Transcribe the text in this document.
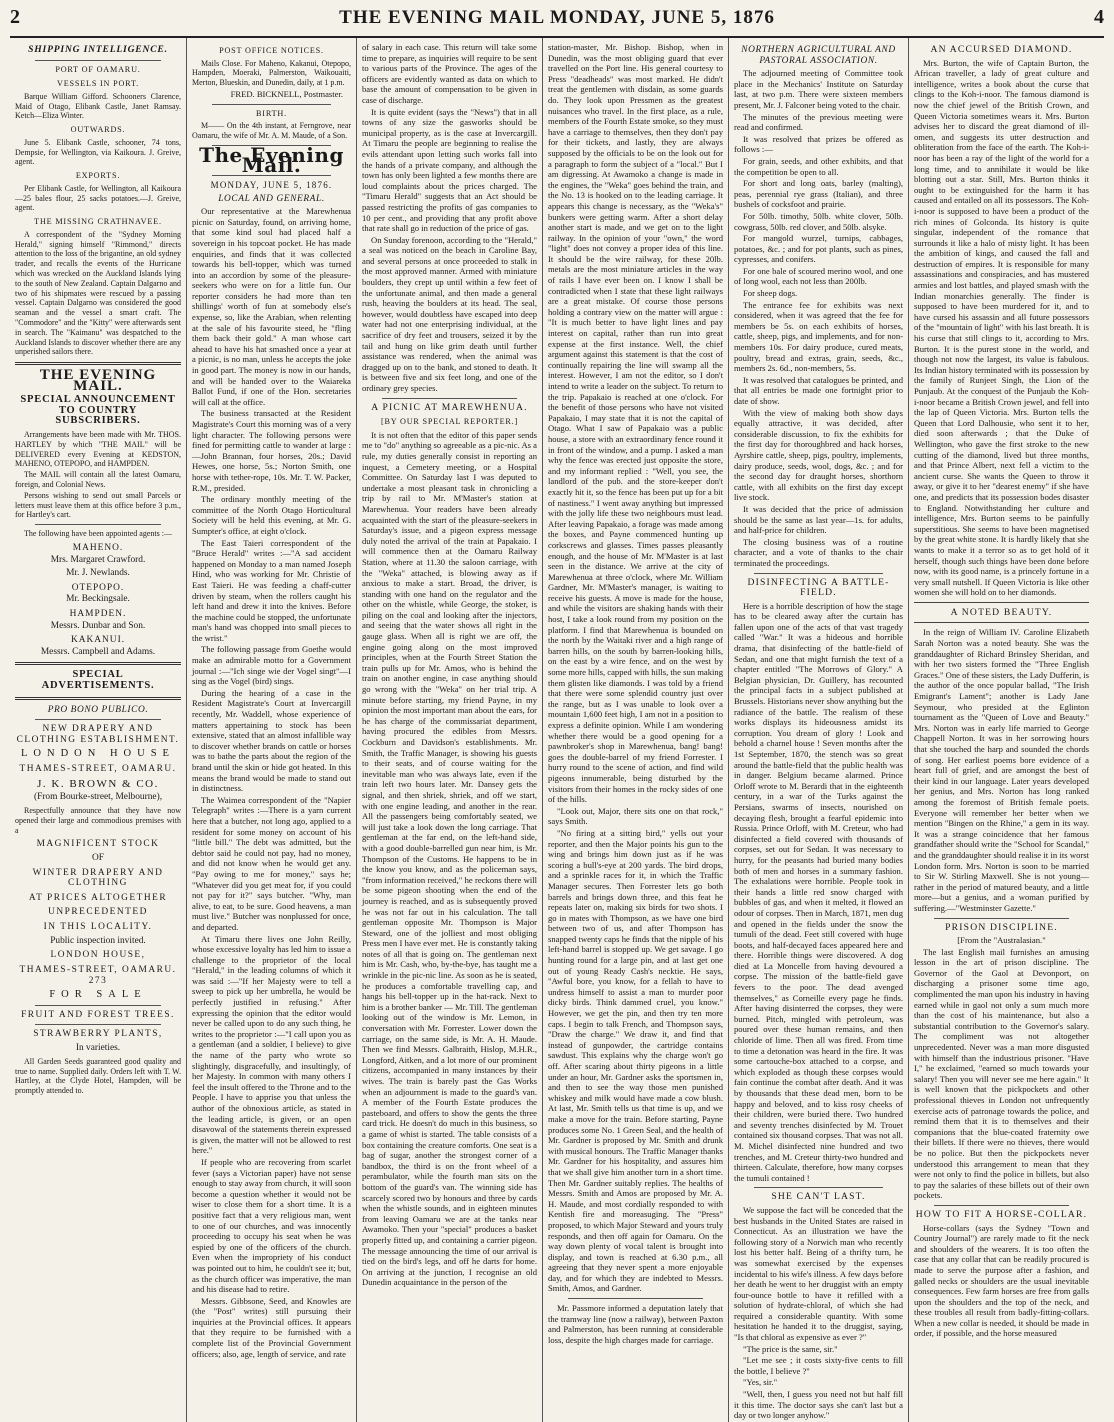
2	THE EVENING MAIL MONDAY, JUNE 5, 1876	4
SHIPPING INTELLIGENCE.
PORT OF OAMARU.
VESSELS IN PORT.

Barque William Gifford. Schooners Clarence, Maid of Otago, Elibank Castle, Janet Ramsay. Ketch—Eliza Winter.

OUTWARDS.

June 5. Elibank Castle, schooner, 74 tons, Dempsie, for Wellington, via Kaikoura. J. Greive, agent.

EXPORTS.

Per Elibank Castle, for Wellington, all Kaikoura—25 bales flour, 25 sacks potatoes.—J. Greive, agent.

THE MISSING CRATHNAVEE.

A correspondent of the "Sydney Morning Herald," signing himself "Rimmond," directs attention to the loss of the brigantine, an old sydney trader, and recalls the events of the Hurricane which was wrecked on the Auckland Islands lying to the south of New Zealand. Captain Dalgarno and two of his shipmates were rescued by a passing vessel. Captain Dalgarno was considered the good seaman and the vessel a smart craft. The "Commodore" and the "Kitty" were afterwards sent in search. The "Kaimanu" was despatched to the Auckland Islands to discover whether there are any unperished sailors there.

THE EVENING MAIL.
SPECIAL ANNOUNCEMENT TO COUNTRY SUBSCRIBERS.

Arrangements have been made with Mr. THOS. HARTLEY by which "THE MAIL" will be DELIVERED every Evening at KEDSTON, MAHENO, OTEPOPO, and HAMPDEN.

The MAIL will contain all the latest Oamaru, foreign, and Colonial News.

Persons wishing to send out small Parcels or letters must leave them at this office before 3 p.m., for Hartley's cart.

The following have been appointed agents :—

MAHENO.
Mrs. Margaret Crawford.
Mr. J. Newlands.
OTEPOPO.
Mr. Beckingsale.
HAMPDEN.
Messrs. Dunbar and Son.
KAKANUI.
Messrs. Campbell and Adams.
SPECIAL ADVERTISEMENTS.
PRO BONO PUBLICO.
NEW DRAPERY AND CLOTHING ESTABLISHMENT.
LONDON HOUSE
THAMES-STREET, OAMARU.
J. K. BROWN & CO.
(From Bourke-street, Melbourne),

Respectfully announce that they have now opened their large and commodious premises with a

MAGNIFICENT STOCK
OF
WINTER DRAPERY AND CLOTHING
AT PRICES ALTOGETHER
UNPRECEDENTED
IN THIS LOCALITY.
Public inspection invited.
LONDON HOUSE,
THAMES-STREET, OAMARU. 273
FOR SALE
FRUIT AND FOREST TREES.
STRAWBERRY PLANTS,
In varieties.

All Garden Seeds guaranteed good quality and true to name. Supplied daily. Orders left with T. W. Hartley, at the Clyde Hotel, Hampden, will be promptly attended to.

POST OFFICE NOTICES.

Mails Close. For Maheno, Kakanui, Otepopo, Hampden, Moeraki, Palmerston, Waikouaiti, Merton, Blueskin, and Dunedin, daily, at 1 p.m.

FRED. BICKNELL, Postmaster.
BIRTH.

M—— On the 4th instant, at Ferngrove, near Oamaru, the wife of Mr. A. M. Maude, of a Son.

The Evening Mail.
MONDAY, JUNE 5, 1876.
LOCAL AND GENERAL.

Our representative at the Marewhenua picnic on Saturday, found, on arriving home, that some kind soul had placed half a sovereign in his topcoat pocket. He has made enquiries, and finds that it was collected towards his bell-topper, which was turned into an accordion by some of the pleasure-seekers who were on for a little fun. Our reporter considers he had more than ten shillings' worth of fun at somebody else's expense, so, like the Arabian, when relenting at the sale of his favourite steed, he "fling them back their gold." A man whose cart ahead to have his hat smashed once a year at a picnic, is no man, unless he accepts the joke in good part. The money is now in our hands, and will be handed over to the Waiareka Ballot Fund, if one of the Hon. secretaries will call at the office.

The business transacted at the Resident Magistrate's Court this morning was of a very light character. The following persons were fined for permitting cattle to wander at large :—John Brannan, four horses, 20s.; David Hewes, one horse, 5s.; Norton Smith, one horse with tether-rope, 10s. Mr. T. W. Packer, R.M., presided.

The ordinary monthly meeting of the committee of the North Otago Horticultural Society will be held this evening, at Mr. G. Sumpter's office, at eight o'clock.

The East Taieri correspondent of the "Bruce Herald" writes :—"A sad accident happened on Monday to a man named Joseph Hind, who was working for Mr. Christie of East Taieri. He was feeding a chaff-cutter driven by steam, when the rollers caught his left hand and drew it into the knives. Before the machine could be stopped, the unfortunate man's hand was chopped into small pieces to the wrist."

The following passage from Goethe would make an admirable motto for a Government journal :—"Ich singe wie der Vogel singt"—I sing as the Vogel (bird) sings.

During the hearing of a case in the Resident Magistrate's Court at Invercargill recently, Mr. Waddell, whose experience of matters appertaining to stock has been extensive, stated that an almost infallible way to discover whether brands on cattle or horses was to bathe the parts about the region of the brand until the skin or hide got heated. In this means the brand would be made to stand out in distinctness.

The Waimea correspondent of the "Napier Telegraph" writes :—There is a yarn current here that a butcher, not long ago, applied to a resident for some money on account of his "little bill." The debt was admitted, but the debtor said he could not pay, had no money, and did not know when he would get any. "Pay owing to me for money," says he; "Whatever did you get meat for, if you could not pay for it?" says butcher. "Why, man alive, to eat, to be sure. Good heavens, a man must live." Butcher was nonplussed for once, and departed.

At Timaru there lives one John Reilly, whose excessive loyalty has led him to issue a challenge to the proprietor of the local "Herald," in the leading columns of which it was said :—"If her Majesty were to tell a sweep to pick up her umbrella, he would be perfectly justified in refusing." After expressing the opinion that the editor would never be called upon to do any such thing, he writes to the proprietor :—"I call upon you as a gentleman (and a soldier, I believe) to give the name of the party who wrote so slightingly, disgracefully, and insultingly, of her Majesty. In common with many others I feel the insult offered to the Throne and to the People. I have to apprise you that unless the author of the obnoxious article, as stated in the leading article, is given, or an open disavowal of the statements therein expressed is given, the matter will not be allowed to rest here."

If people who are recovering from scarlet fever (says a Victorian paper) have not sense enough to stay away from church, it will soon become a question whether it would not be wiser to close them for a short time. It is a positive fact that a very religious man, went to one of our churches, and was innocently proceeding to occupy his seat when he was espied by one of the officers of the church. Even when the impropriety of his conduct was pointed out to him, he couldn't see it; but, as the church officer was imperative, the man and his disease had to retire.

Messrs. Gibbsone, Seed, and Knowles are (the "Post" writes) still pursuing their inquiries at the Provincial offices. It appears that they require to be furnished with a complete list of the Provincial Government officers; also, age, length of service, and rate

of salary in each case. This return will take some time to prepare, as inquiries will require to be sent to various parts of the Province. The ages of the officers are evidently wanted as data on which to base the amount of compensation to be given in case of discharge.

It is quite evident (says the "News") that in all towns of any size the gasworks should be municipal property, as is the case at Invercargill. At Timaru the people are beginning to realise the evils attendant upon letting such works fall into the hands of a private company, and although the town has only been lighted a few months there are loud complaints about the prices charged. The "Timaru Herald" suggests that an Act should be passed restricting the profits of gas companies to 10 per cent., and providing that any profit above that rate shall go in reduction of the price of gas.

On Sunday forenoon, according to the "Herald," a seal was noticed on the beach in Caroline Bay, and several persons at once proceeded to stalk in the most approved manner. Armed with miniature boulders, they crept up until within a few feet of the unfortunate animal, and then made a general rush, heaving the boulders at its head. The seal, however, would doubtless have escaped into deep water had not one enterprising individual, at the sacrifice of dry feet and trousers, seized it by the tail and hung on like grim death until further assistance was rendered, when the animal was dragged up on to the bank, and stoned to death. It is between five and six feet long, and one of the ordinary grey species.

A PICNIC AT MAREWHENUA.
[BY OUR SPECIAL REPORTER.]

It is not often that the editor of this paper sends me to "do" anything so agreeable as a pic-nic. As a rule, my duties generally consist in reporting an inquest, a Cemetery meeting, or a Hospital Committee. On Saturday last I was deputed to undertake a most pleasant task in chronicling a trip by rail to Mr. M'Master's station at Marewhenua. Your readers have been already acquainted with the start of the pleasure-seekers in Saturday's issue, and a pigeon express message duly noted the arrival of the train at Papakaio. I will commence then at the Oamaru Railway Station, where at 11.30 the saloon carriage, with the "Weka" attached, is blowing away as if anxious to make a start. Broad, the driver, is standing with one hand on the regulator and the other on the whistle, while George, the stoker, is piling on the coal and looking after the injectors, and seeing that the water shows all right in the gauge glass. When all is right we are off, the engine going along on the most improved principles, when at the Fourth Street Station the train pulls up for Mr. Amos, who is behind the train on another engine, in case anything should go wrong with the "Weka" on her trial trip. A minute before starting, my friend Payne, in my opinion the most important man about the ears, for he has charge of the commissariat department, having procured the edibles from Messrs. Cockburn and Davidson's establishments. Mr. Smith, the Traffic Manager, is showing his guests to their seats, and of course waiting for the inevitable man who was always late, even if the train left two hours later. Mr. Dansey gets the signal, and then shriek, shriek, and off we start, with one engine leading, and another in the rear. All the passengers being comfortably seated, we will just take a look down the long carriage. That gentleman at the far end, on the left-hand side, with a good double-barrelled gun near him, is Mr. Thompson of the Customs. He happens to be in the know you know, and as the policeman says, "from information received," he reckons there will be some pigeon shooting when the end of the journey is reached, and as is subsequently proved he was not far out in his calculation. The tall gentleman opposite Mr. Thompson is Major Steward, one of the jolliest and most obliging Press men I have ever met. He is constantly taking notes of all that is going on. The gentleman next him is Mr. Cash, who, by-the-bye, has taught me a wrinkle in the pic-nic line. As soon as he is seated, he produces a comfortable travelling cap, and hangs his bell-topper up in the hat-rack. Next to him is a brother banker — Mr. Till. The gentleman looking out of the window is Mr. Lemon, in conversation with Mr. Forrester. Lower down the carriage, on the same side, is Mr. A. H. Maude. Then we find Messrs. Galbraith, Hislop, M.H.R., Longford, Aitken, and a lot more of our prominent citizens, accompanied in many instances by their wives. The train is barely past the Gas Works when an adjournment is made to the guard's van. A member of the Fourth Estate produces the pasteboard, and offers to show the gents the three card trick. He doesn't do much in this business, so a game of whist is started. The table consists of a box containing the creature comforts. One seat is a bag of sugar, another the strongest corner of a bandbox, the third is on the front wheel of a perambulator, while the fourth man sits on the bottom of the guard's van. The winning side has scarcely scored two by honours and three by cards when the whistle sounds, and in eighteen minutes from leaving Oamaru we are at the tanks near Awamoko. Then your "special" produces a basket properly fitted up, and containing a carrier pigeon. The message announcing the time of our arrival is tied on the bird's legs, and off he darts for home. On arriving at the junction, I recognise an old Dunedin acquaintance in the person of the

station-master, Mr. Bishop. Bishop, when in Dunedin, was the most obliging guard that ever travelled on the Port line. His general courtesy to Press "deadheads" was most marked. He didn't treat the gentlemen with disdain, as some guards do. They look upon Pressmen as the greatest nuisances who travel. In the first place, as a rule, members of the Fourth Estate smoke, so they must have a carriage to themselves, then they don't pay for their tickets, and lastly, they are always supposed by the officials to be on the look out for a paragraph to form the subject of a "local." But I am digressing. At Awamoko a change is made in the engines, the "Weka" goes behind the train, and the No. 13 is hooked on to the leading carriage. It appears this change is necessary, as the "Weka's" bunkers were getting warm. After a short delay another start is made, and we get on to the light railway. In the opinion of your "own," the word "light" does not convey a proper idea of this line. It should be the wire railway, for these 20lb. metals are the most miniature articles in the way of rails I have ever been on. I know I shall be contradicted when I state that these light railways are a great mistake. Of course those persons holding a contrary view on the matter will argue : "It is much better to have light lines and pay interest on capital, rather than run into great expense at the first instance. Well, the chief argument against this statement is that the cost of continually repairing the line will swamp all the interest. However, I am not the editor, so I don't intend to write a leader on the subject. To return to the trip. Papakaio is reached at one o'clock. For the benefit of those persons who have not visited Papakaio, I may state that it is not the capital of Otago. What I saw of Papakaio was a public house, a store with an extraordinary fence round it in front of the window, and a pump. I asked a man why the fence was erected just opposite the store, and my informant replied : "Well, you see, the landlord of the pub. and the store-keeper don't exactly hit it, so the fence has been put up for a bit of nastiness." I went away anything but impressed with the jolly life these two neighbours must lead. After leaving Papakaio, a forage was made among the boxes, and Payne commenced hunting up corkscrews and glasses. Times passes pleasantly enough, and the house of Mr. M'Master is at last seen in the distance. We arrive at the city of Marewhenua at three o'clock, where Mr. William Gardner, Mr. M'Master's manager, is waiting to receive his guests. A move is made for the house, and while the visitors are shaking hands with their host, I take a look round from my position on the platform. I find that Marewhenua is bounded on the north by the Waitaki river and a high range of barren hills, on the south by barren-looking hills, on the east by a wire fence, and on the west by some more hills, capped with hills, the sun making them glisten like diamonds. I was told by a friend that there were some splendid country just over the range, but as I was unable to look over a mountain 1,600 feet high, I am not in a position to express a definite opinion. While I am wondering whether there would be a good opening for a pawnbroker's shop in Marewhenua, bang! bang! goes the double-barrel of my friend Forrester. I hurry round to the scene of action, and find wild pigeons innumerable, being disturbed by the visitors from their homes in the rocky sides of one of the hills.

"Look out, Major, there sits one on that rock," says Smith.

"No firing at a sitting bird," yells out your reporter, and then the Major points his gun to the wing and brings him down just as if he was scoring a bull's-eye at 200 yards. The bird drops, and a sprinkle races for it, in which the Traffic Manager secures. Then Forrester lets go both barrels and brings down three, and this feat he repeats later on, making six birds for two shots. I go in mates with Thompson, as we have one bird between two of us, and after Thompson has snapped twenty caps he finds that the nipple of his left-hand barrel is stopped up. We get savage. I go hunting round for a large pin, and at last get one out of young Ready Cash's necktie. He says, "Awful bore, you know, for a fellah to have to undress himself to assist a man to murder poor dicky birds. Think dammed cruel, you know." However, we get the pin, and then try ten more caps. I begin to talk French, and Thompson says, "Draw the charge." We draw it, and find that instead of gunpowder, the cartridge contains sawdust. This explains why the charge won't go off. After scaring about thirty pigeons in a little under an hour, Mr. Gardner asks the sportsmen in, and then to see the way those men punished whiskey and milk would have made a cow blush. At last, Mr. Smith tells us that time is up, and we make a move for the train. Before starting, Payne produces some No. 1 Green Seal, and the health of Mr. Gardner is proposed by Mr. Smith and drunk with musical honours. The Traffic Manager thanks Mr. Gardner for his hospitality, and assures him that we shall give him another turn in a short time. Then Mr. Gardner suitably replies. The healths of Messrs. Smith and Amos are proposed by Mr. A. H. Maude, and most cordially responded to with Kentish fire and moreasuging. The "Press" proposed, to which Major Steward and yours truly responds, and then off again for Oamaru. On the way down plenty of vocal talent is brought into display, and town is reached at 6.30 p.m., all agreeing that they never spent a more enjoyable day, and for which they are indebted to Messrs. Smith, Amos, and Gardner.

Mr. Passmore informed a deputation lately that the tramway line (now a railway), between Paxton and Palmerston, has been running at considerable loss, despite the high charges made for carriage.

NORTHERN AGRICULTURAL AND PASTORAL ASSOCIATION.

The adjourned meeting of Committee took place in the Mechanics' Institute on Saturday last, at two p.m. There were sixteen members present, Mr. J. Falconer being voted to the chair.

The minutes of the previous meeting were read and confirmed.

It was resolved that prizes be offered as follows :—

For grain, seeds, and other exhibits, and that the competition be open to all.

For short and long oats, barley (malting), peas, perennial rye grass (Italian), and three bushels of cocksfoot and prairie.

For 50lb. timothy, 50lb. white clover, 50lb. cowgrass, 50lb. red clover, and 50lb. alsyke.

For mangold wurzel, turnips, cabbages, potatoes, &c. ; and for pot plants, such as pines, cypresses, and conifers.

For one bale of scoured merino wool, and one of long wool, each not less than 200lb.

For sheep dogs.

The entrance fee for exhibits was next considered, when it was agreed that the fee for members be 5s. on each exhibits of horses, cattle, sheep, pigs, and implements, and for non-members 10s. For dairy produce, cured meats, poultry, bread and extras, grain, seeds, &c., members 2s. 6d., non-members, 5s.

It was resolved that catalogues be printed, and that all entries be made one fortnight prior to date of show.

With the view of making both show days equally attractive, it was decided, after considerable discussion, to fix the exhibits for the first day for thoroughbred and hack horses, Ayrshire cattle, sheep, pigs, poultry, implements, dairy produce, seeds, wool, dogs, &c. ; and for the second day for draught horses, shorthorn cattle, with all exhibits on the first day except live stock.

It was decided that the price of admission should be the same as last year—1s. for adults, and half-price for children.

The closing business was of a routine character, and a vote of thanks to the chair terminated the proceedings.

DISINFECTING A BATTLE-FIELD.

Here is a horrible description of how the stage has to be cleared away after the curtain has fallen upon one of the acts of that vast tragedy called "War." It was a hideous and horrible drama, that disinfecting of the battle-field of Sedan, and one that might furnish the text of a chapter entitled "The Morrows of Glory." A Belgian physician, Dr. Guillery, has recounted the principal facts in a subject published at Brussels. Historians never show anything but the radiance of the battle. The realism of these works displays its hideousness amidst its corruption. You dream of glory ! Look and behold a charnel house ! Seven months after the 1st September, 1870, the stench was so great around the battle-field that the public health was in danger. Belgium became alarmed. Prince Orloff wrote to M. Berardi that in the eighteenth century, in a war of the Turks against the Persians, swarms of insects, nourished on decaying flesh, brought a fearful epidemic into Russia. Prince Orloff, with M. Creteur, who had disinfected a field covered with thousands of corpses, set out for Sedan. It was necessary to hurry, for the peasants had buried many bodies both of men and horses in a summary fashion. The exhalations were horrible. People took in their hands a little red snow charged with bubbles of gas, and when it melted, it flowed an odour of corpses. Then in March, 1871, men dug and opened in the fields under the snow the tumuli of the dead. Feet still covered with huge boots, and half-decayed faces appeared here and there. Horrible things were discovered. A dog died at La Moncelle from having devoured a corpse. The mission of the battle-field gave fevers to the poor. The dead avenged themselves," as Corneille every page he finds. After having disinterred the corpses, they were burned. Pitch, mingled with petroleum, was poured over these human remains, and then chloride of lime. Then all was fired. From time to time a detonation was heard in the fire. It was some cartouche-box attached to a corpse, and which exploded as though these corpses would fain continue the combat after death. And it was by thousands that these dead men, born to be happy and beloved, and to kiss rosy cheeks of their children, were buried there. Two hundred and seventy trenches disinfected by M. Trouet contained six thousand corpses. That was not all. M. Michel disinfected nine hundred and two trenches, and M. Creteur thirty-two hundred and thirteen. Calculate, therefore, how many corpses the tumuli contained !

SHE CAN'T LAST.

We suppose the fact will be conceded that the best husbands in the United States are raised in Connecticut. As an illustration we have the following story of a Norwich man who recently lost his better half. Being of a thrifty turn, he was somewhat exercised by the expenses incidental to his wife's illness. A few days before her death he went to her druggist with an empty four-ounce bottle to have it refilled with a solution of hydrate-chloral, of which she had required a considerable quantity. With some hesitation he handed it to the druggist, saying, "Is that chloral as expensive as ever ?"

"The price is the same, sir."

"Let me see ; it costs sixty-five cents to fill the bottle, I believe ?"

"Yes, sir."

"Well, then, I guess you need not but half fill it this time. The doctor says she can't last but a day or two longer anyhow."

AN ACCURSED DIAMOND.

Mrs. Burton, the wife of Captain Burton, the African traveller, a lady of great culture and intelligence, writes a book about the curse that clings to the Koh-i-noor. The famous diamond is now the chief jewel of the British Crown, and Queen Victoria sometimes wears it. Mrs. Burton advises her to discard the great diamond of ill-omen, and suggests its utter destruction and obliteration from the face of the earth. The Koh-i-noor has been a ray of the light of the world for a long time, and to annihilate it would be like blotting out a star. Still, Mrs. Burton thinks it ought to be extinguished for the harm it has caused and entailed on all its possessors. The Koh-i-noor is supposed to have been a product of the rich mines of Golconda. Its history is quite singular, independent of the romance that surrounds it like a halo of misty light. It has been the ambition of kings, and caused the fall and destruction of empires. It is responsible for many assassinations and conspiracies, and has mustered armies and lost battles, and played smash with the Indian monarchies generally. The finder is supposed to have been murdered for it, and to have cursed his assassin and all future possessors of the "mountain of light" with his last breath. It is his curse that still clings to it, according to Mrs. Burton. It is the purest stone in the world, and though not now the largest, its value is fabulous. Its Indian history terminated with its possession by the family of Runjeet Singh, the Lion of the Punjaub. At the conquest of the Punjaub the Koh-i-noor became a British Crown jewel, and fell into the lap of Queen Victoria. Mrs. Burton tells the Queen that Lord Dalhousie, who sent it to her, died soon afterwards ; that the Duke of Wellington, who gave the first stroke to the new cutting of the diamond, lived but three months, and that Prince Albert, next fell a victim to the ancient curse. She wants the Queen to throw it away, or give it to her "dearest enemy" if she have one, and predicts that its possession bodes disaster to England. Notwithstanding her culture and intelligence, Mrs. Burton seems to be painfully superstitious. She seems to have been magnetised by the great white stone. It is hardly likely that she wants to make it a terror so as to get hold of it herself, though such things have been done before now, with its good name, is a princely fortune in a very small nutshell. If Queen Victoria is like other women she will hold on to her diamonds.

A NOTED BEAUTY.

In the reign of William IV. Caroline Elizabeth Sarah Norton was a noted beauty. She was the granddaughter of Richard Brinsley Sheridan, and with her two sisters formed the "Three English Graces." One of these sisters, the Lady Dufferin, is the author of the once popular ballad, "The Irish Emigrant's Lament"; another is Lady Jane Seymour, who presided at the Eglinton tournament as the "Queen of Love and Beauty." Mrs. Norton was in early life married to George Chappell Norton. It was in her sorrowing hours that she touched the harp and sounded the chords of song. Her earliest poems bore evidence of a heart full of grief, and are amongst the best of their kind in our language. Later years developed her genius, and Mrs. Norton has long ranked among the foremost of British female poets. Everyone will remember her better when we mention "Bingen on the Rhine," a gem in its way. It was a strange coincidence that her famous grandfather should write the "School for Scandal," and the granddaughter should realise it in its worst London form. Mrs. Norton is soon to be married to Sir W. Stirling Maxwell. She is not young—rather in the period of matured beauty, and a little more—but a genius, and a woman purified by suffering.—"Westminster Gazette."

PRISON DISCIPLINE.

[From the "Australasian."

The last English mail furnishes an amusing lesson in the art of prison discipline. The Governor of the Gaol at Devonport, on discharging a prisoner some time ago, complimented the man upon his industry in having earned while in gaol not only a sum much more than the cost of his maintenance, but also a substantial contribution to the Governor's salary. The compliment was not altogether unprecedented. Never was a man more disgusted with himself than the industrious prisoner. "Have I," he exclaimed, "earned so much towards your salary! Then you will never see me here again." It is well known that the pickpockets and other professional thieves in London not unfrequently exercise acts of patronage towards the police, and remind them that it is to themselves and their companions that the blue-coated fraternity owe their billets. If there were no thieves, there would be no police. But then the pickpockets never understood this arrangement to mean that they were not only to find the police in billets, but also to pay the salaries of these billets out of their own pockets.

HOW TO FIT A HORSE-COLLAR.

Horse-collars (says the Sydney "Town and Country Journal") are rarely made to fit the neck and shoulders of the wearers. It is too often the case that any collar that can be readily procured is made to serve the purpose after a fashion, and galled necks or shoulders are the usual inevitable consequences. Few farm horses are free from galls upon the shoulders and the top of the neck, and these troubles all result from badly-fitting-collars. When a new collar is needed, it should be made in order, if possible, and the horse measured
